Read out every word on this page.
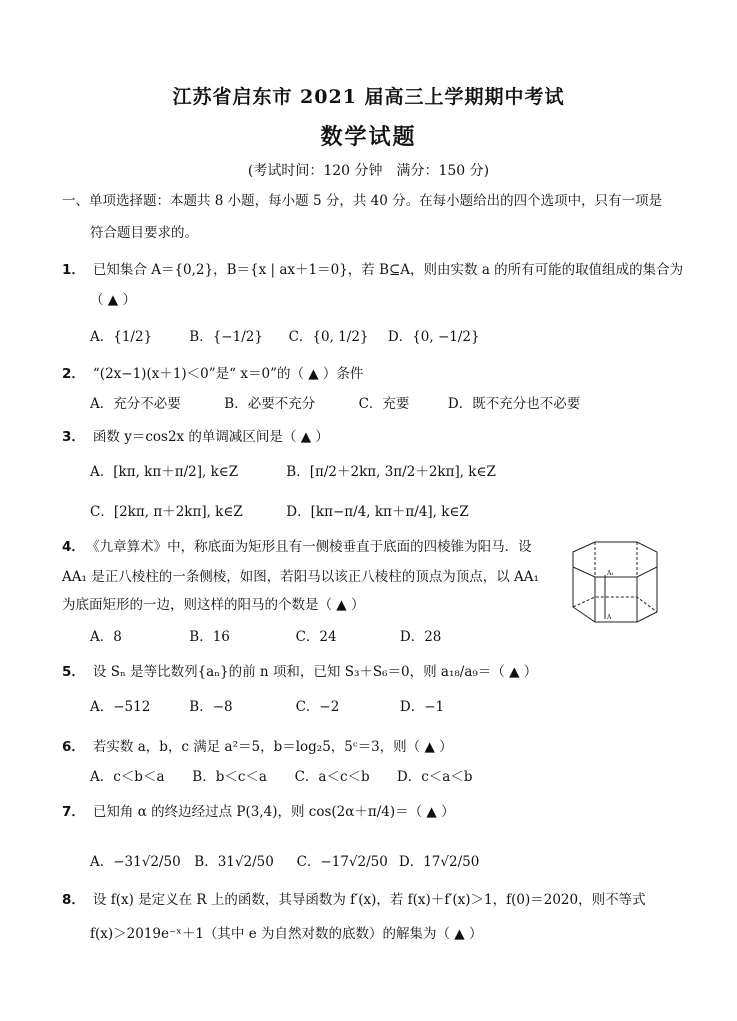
江苏省启东市 2021 届高三上学期期中考试
数学试题
(考试时间：120 分钟　满分：150 分)
一、单项选择题：本题共 8 小题，每小题 5 分，共 40 分。在每小题给出的四个选项中，只有一项是
符合题目要求的。
1． 已知集合 A＝{0,2}，B＝{x | ax＋1＝0}，若 B⊆A，则由实数 a 的所有可能的取值组成的集合为
（ ▲ ）
A．{1/2}	B．{−1/2} C．{0, 1/2} D．{0, −1/2}
2． “(2x−1)(x＋1)＜0”是“ x＝0”的（ ▲ ）条件
A．充分不必要	B．必要不充分	C．充要	D．既不充分也不必要
3． 函数 y＝cos2x 的单调减区间是（ ▲ ）
A．[kπ, kπ＋π/2], k∈Z	B．[π/2＋2kπ, 3π/2＋2kπ], k∈Z
C．[2kπ, π＋2kπ], k∈Z	D．[kπ−π/4, kπ＋π/4], k∈Z
4． 《九章算术》中，称底面为矩形且有一侧棱垂直于底面的四棱锥为阳马．设
AA₁ 是正八棱柱的一条侧棱，如图，若阳马以该正八棱柱的顶点为顶点，以 AA₁
为底面矩形的一边，则这样的阳马的个数是（ ▲ ）
A．8	B．16	C．24	D．28
A₁
A
5． 设 Sₙ 是等比数列{aₙ}的前 n 项和，已知 S₃＋S₆＝0，则 a₁₈/a₉＝（ ▲ ）
A．−512	B．−8	C．−2	D．−1
6． 若实数 a，b，c 满足 a²＝5，b＝log₂5，5ᶜ＝3，则（ ▲ ）
A．c＜b＜a B．b＜c＜a C．a＜c＜b D．c＜a＜b
7． 已知角 α 的终边经过点 P(3,4)，则 cos(2α＋π/4)＝（ ▲ ）
A．−31√2/50 B．31√2/50 C．−17√2/50 D．17√2/50
8． 设 f(x) 是定义在 R 上的函数，其导函数为 f′(x)，若 f(x)＋f′(x)＞1，f(0)＝2020，则不等式
f(x)＞2019e⁻ˣ＋1（其中 e 为自然对数的底数）的解集为（ ▲ ）
